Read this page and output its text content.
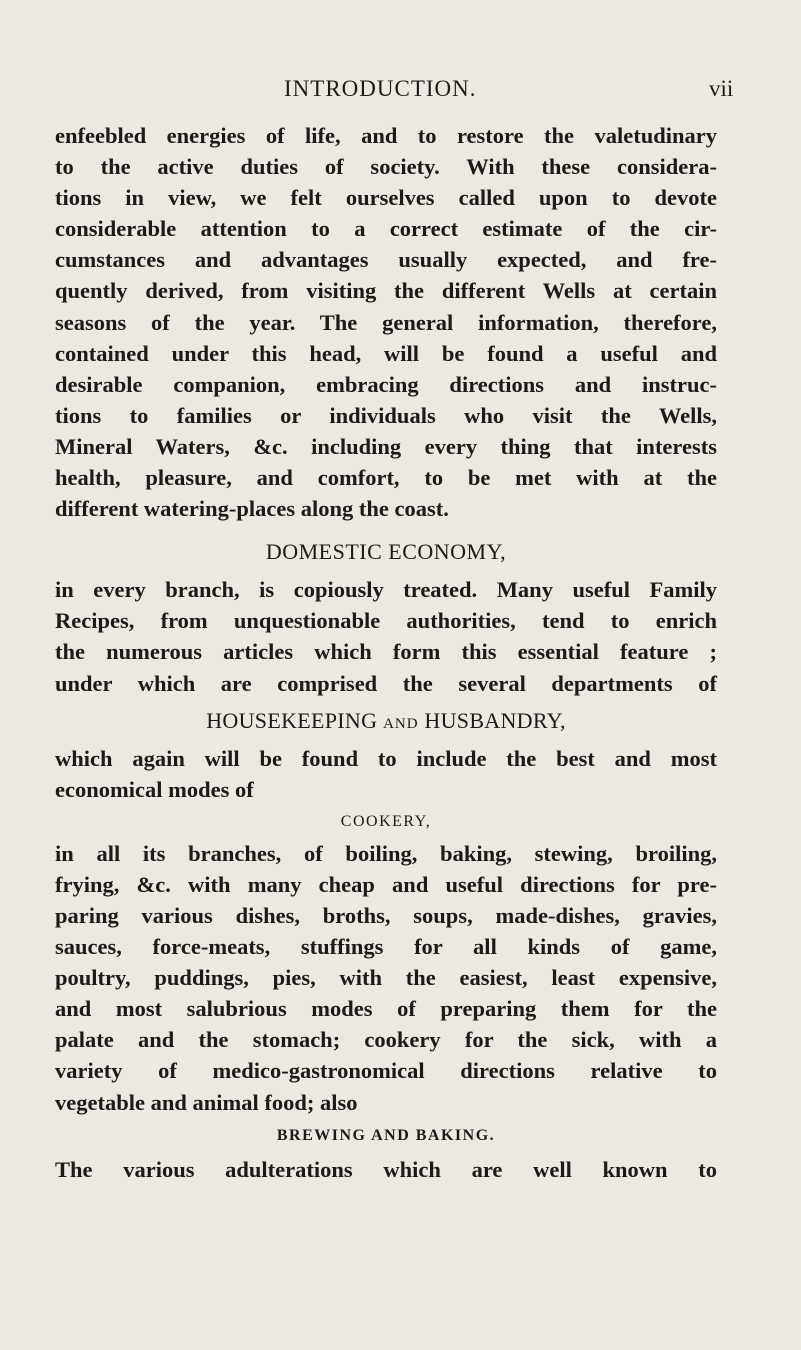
INTRODUCTION.	vii
enfeebled energies of life, and to restore the valetudinary
to the active duties of society. With these considera-
tions in view, we felt ourselves called upon to devote
considerable attention to a correct estimate of the cir-
cumstances and advantages usually expected, and fre-
quently derived, from visiting the different Wells at certain
seasons of the year. The general information, therefore,
contained under this head, will be found a useful and
desirable companion, embracing directions and instruc-
tions to families or individuals who visit the Wells,
Mineral Waters, &c. including every thing that interests
health, pleasure, and comfort, to be met with at the
different watering-places along the coast.
DOMESTIC ECONOMY,
in every branch, is copiously treated. Many useful Family
Recipes, from unquestionable authorities, tend to enrich
the numerous articles which form this essential feature ;
under which are comprised the several departments of
HOUSEKEEPING AND HUSBANDRY,
which again will be found to include the best and most
economical modes of
COOKERY,
in all its branches, of boiling, baking, stewing, broiling,
frying, &c. with many cheap and useful directions for pre-
paring various dishes, broths, soups, made-dishes, gravies,
sauces, force-meats, stuffings for all kinds of game,
poultry, puddings, pies, with the easiest, least expensive,
and most salubrious modes of preparing them for the
palate and the stomach; cookery for the sick, with a
variety of medico-gastronomical directions relative to
vegetable and animal food; also
BREWING AND BAKING.
The various adulterations which are well known to
